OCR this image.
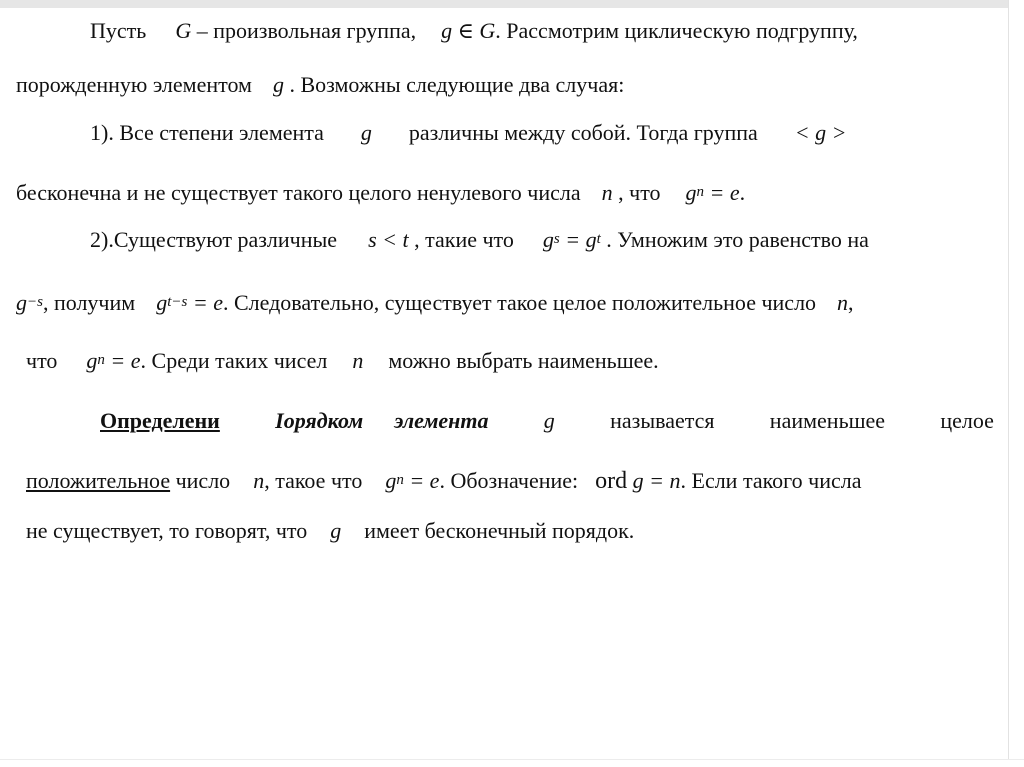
Пусть G – произвольная группа, g ∈ G. Рассмотрим циклическую подгруппу,
порожденную элементом g . Возможны следующие два случая:
1). Все степени элемента g различны между собой. Тогда группа < g >
бесконечна и не существует такого целого ненулевого числа n , что $g^n = e$.
2).Существуют различные s < t , такие что $g^s = g^t$ . Умножим это равенство на
$g^{-s}$, получим $g^{t-s} = e$. Следовательно, существует такое целое положительное число n,
что $g^n = e$. Среди таких чисел n можно выбрать наименьшее.
Определени	Iорядком элемента	g	называется	наименьшее	целое
положительное число n, такое что $g^n = e$. Обозначение: ord g = n. Если такого числа
не существует, то говорят, что g имеет бесконечный порядок.
